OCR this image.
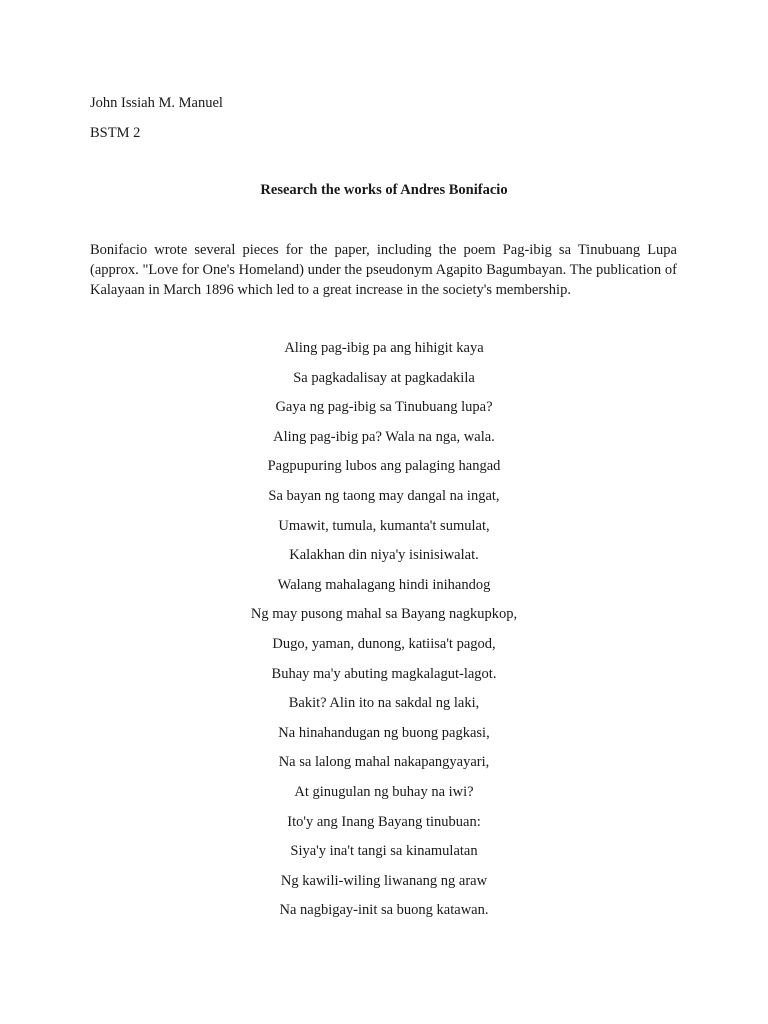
John Issiah M. Manuel
BSTM 2
Research the works of Andres Bonifacio

Bonifacio wrote several pieces for the paper, including the poem Pag-ibig sa Tinubuang Lupa (approx. "Love for One's Homeland) under the pseudonym Agapito Bagumbayan. The publication of Kalayaan in March 1896 which led to a great increase in the society's membership.

Aling pag-ibig pa ang hihigit kaya
Sa pagkadalisay at pagkadakila
Gaya ng pag-ibig sa Tinubuang lupa?
Aling pag-ibig pa? Wala na nga, wala.
Pagpupuring lubos ang palaging hangad
Sa bayan ng taong may dangal na ingat,
Umawit, tumula, kumanta't sumulat,
Kalakhan din niya'y isinisiwalat.
Walang mahalagang hindi inihandog
Ng may pusong mahal sa Bayang nagkupkop,
Dugo, yaman, dunong, katiisa't pagod,
Buhay ma'y abuting magkalagut-lagot.
Bakit? Alin ito na sakdal ng laki,
Na hinahandugan ng buong pagkasi,
Na sa lalong mahal nakapangyayari,
At ginugulan ng buhay na iwi?
Ito'y ang Inang Bayang tinubuan:
Siya'y ina't tangi sa kinamulatan
Ng kawili-wiling liwanang ng araw
Na nagbigay-init sa buong katawan.
